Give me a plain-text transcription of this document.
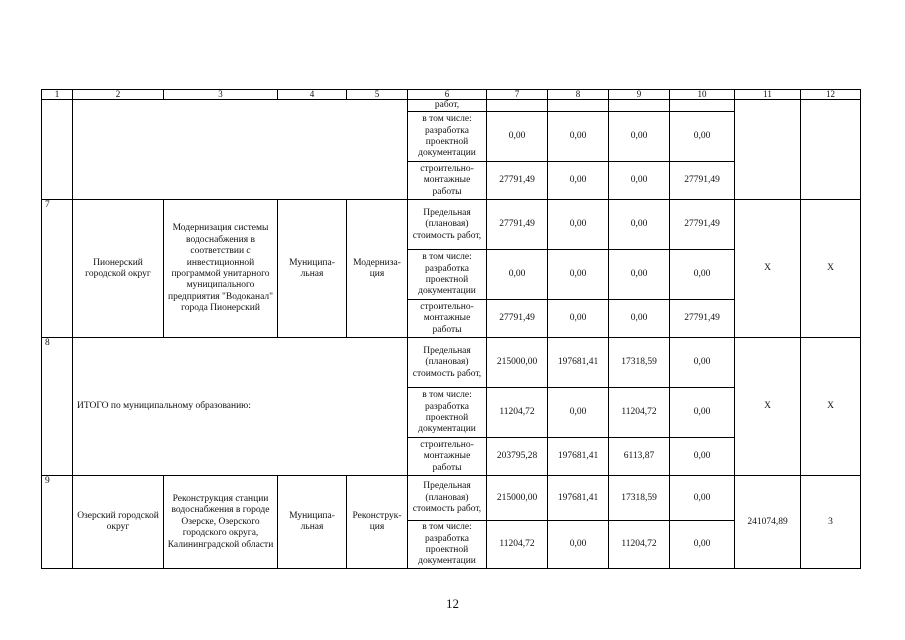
1	2	3	4	5	6	7	8	9	10	11	12
					работ,						
					в том числе: разработка проектной документации	0,00	0,00	0,00	0,00		
					строительно-монтажные работы	27791,49	0,00	0,00	27791,49		
7	Пионерский городской округ	Модернизация системы водоснабжения в соответствии с инвестиционной программой унитарного муниципального предприятия "Водоканал" города Пионерский	Муниципа-льная	Модерниза-ция	Предельная (плановая) стоимость работ,	27791,49	0,00	0,00	27791,49	Х	Х
					в том числе: разработка проектной документации	0,00	0,00	0,00	0,00		
					строительно-монтажные работы	27791,49	0,00	0,00	27791,49		
8	ИТОГО по муниципальному образованию:				Предельная (плановая) стоимость работ,	215000,00	197681,41	17318,59	0,00	Х	Х
					в том числе: разработка проектной документации	11204,72	0,00	11204,72	0,00		
					строительно-монтажные работы	203795,28	197681,41	6113,87	0,00		
9	Озерский городской округ	Реконструкция станции водоснабжения в городе Озерске, Озерского городского округа, Калининградской области	Муниципа-льная	Реконструк-ция	Предельная (плановая) стоимость работ,	215000,00	197681,41	17318,59	0,00	241074,89	3
					в том числе: разработка проектной документации	11204,72	0,00	11204,72	0,00		
12
